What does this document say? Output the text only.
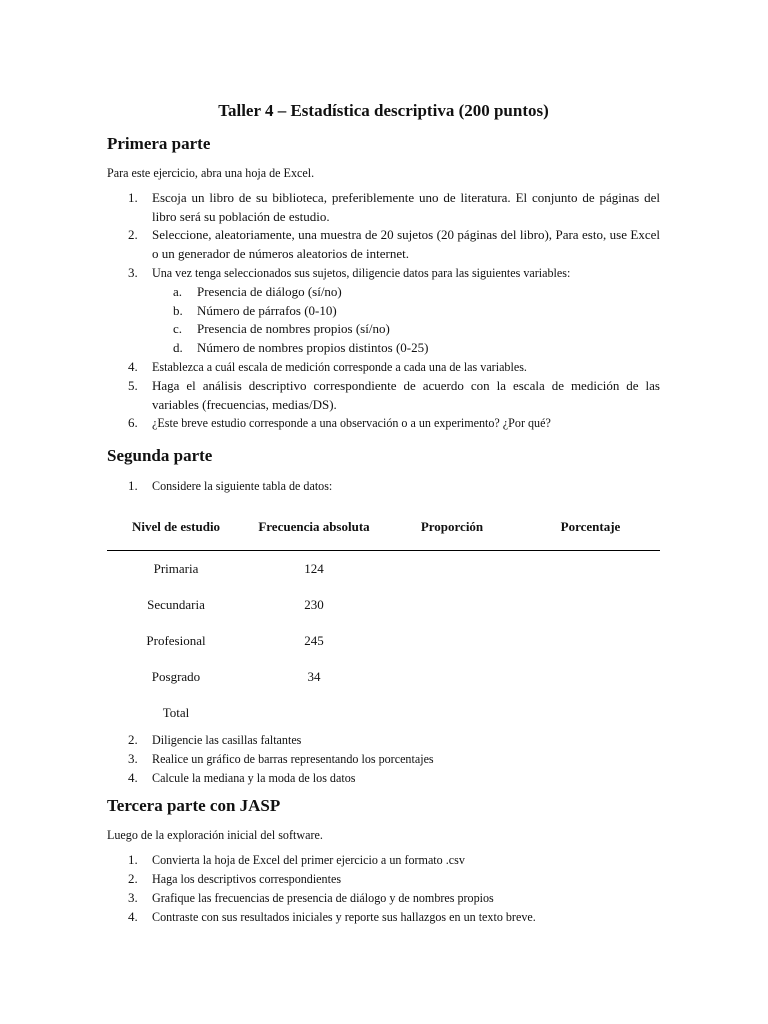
Taller 4 – Estadística descriptiva (200 puntos)

Primera parte

Para este ejercicio, abra una hoja de Excel.

1. Escoja un libro de su biblioteca, preferiblemente uno de literatura. El conjunto de páginas del libro será su población de estudio.
2. Seleccione, aleatoriamente, una muestra de 20 sujetos (20 páginas del libro), Para esto, use Excel o un generador de números aleatorios de internet.
3. Una vez tenga seleccionados sus sujetos, diligencie datos para las siguientes variables:
a. Presencia de diálogo (sí/no)
b. Número de párrafos (0-10)
c. Presencia de nombres propios (sí/no)
d. Número de nombres propios distintos (0-25)
4. Establezca a cuál escala de medición corresponde a cada una de las variables.
5. Haga el análisis descriptivo correspondiente de acuerdo con la escala de medición de las variables (frecuencias, medias/DS).
6. ¿Este breve estudio corresponde a una observación o a un experimento? ¿Por qué?

Segunda parte

1. Considere la siguiente tabla de datos:
Nivel de estudio	Frecuencia absoluta	Proporción	Porcentaje
Primaria	124		
Secundaria	230		
Profesional	245		
Posgrado	34		
Total			
2. Diligencie las casillas faltantes
3. Realice un gráfico de barras representando los porcentajes
4. Calcule la mediana y la moda de los datos

Tercera parte con JASP

Luego de la exploración inicial del software.

1. Convierta la hoja de Excel del primer ejercicio a un formato .csv
2. Haga los descriptivos correspondientes
3. Grafique las frecuencias de presencia de diálogo y de nombres propios
4. Contraste con sus resultados iniciales y reporte sus hallazgos en un texto breve.
